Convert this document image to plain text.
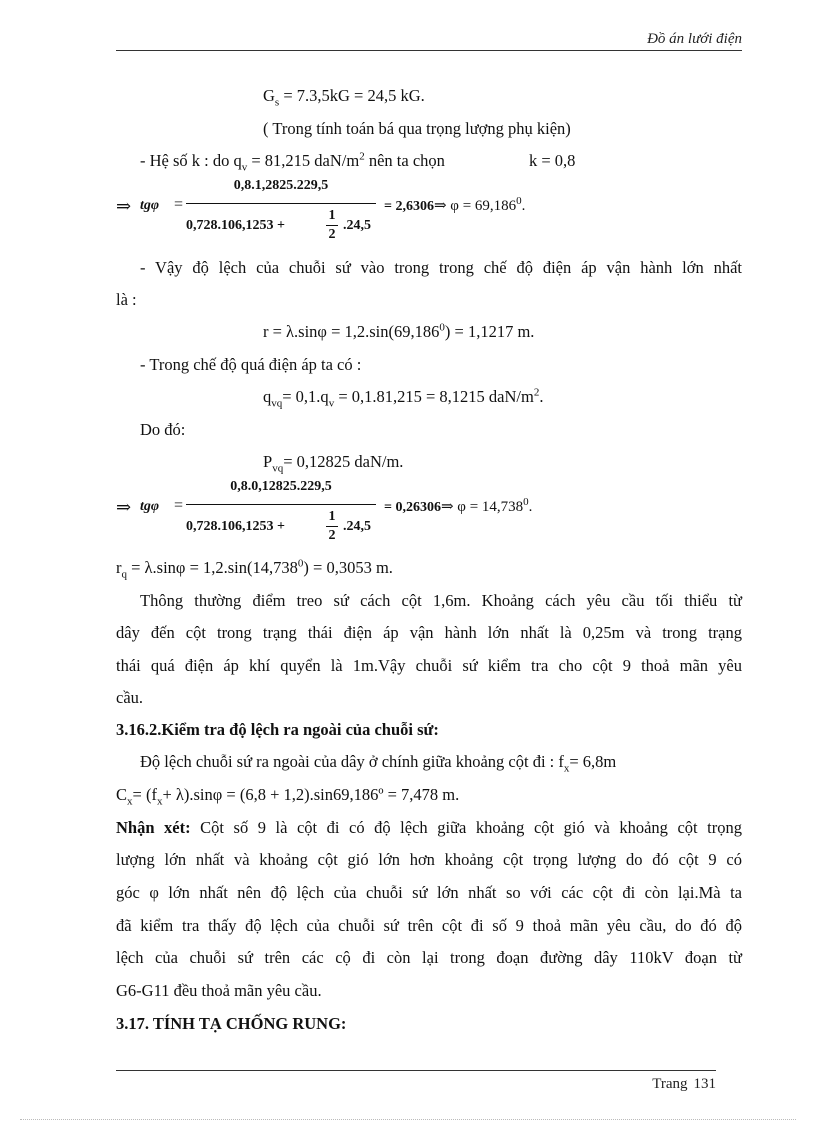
Đồ án lưới điện
$G_s = 7.3,5kG = 24,5$ kG.
( Trong tính toán bá qua trọng lượng phụ kiện)
- Hệ số k : do $q_v = 81,215$ daN/$m^2$ nên ta chọn	k = 0,8
⇒ tgφ =
0,8.1,2825.229,5
0,728.106,1253 +
1
2
.24,5
= 2,6306⇒ $\varphi = 69,186^0$.
- Vậy độ lệch của chuỗi sứ vào trong trong chế độ điện áp vận hành lớn nhất
là :
$r = \lambda.\sin\varphi = 1,2.\sin(69,186^0) = 1,1217$ m.
- Trong chế độ quá điện áp ta có :
$q_{vq}= 0,1.q_v = 0,1.81,215 = 8,1215$ daN/$m^2$.
Do đó:
$P_{vq}= 0,12825$ daN/m.
⇒ tgφ =
0,8.0,12825.229,5
0,728.106,1253 +
1
2
.24,5
= 0,26306⇒ $\varphi = 14,738^0$.
$r_q = \lambda.\sin\varphi = 1,2.\sin(14,738^0) = 0,3053$ m.
Thông thường điểm treo sứ cách cột 1,6m. Khoảng cách yêu cầu tối thiểu từ
dây đến cột trong trạng thái điện áp vận hành lớn nhất là 0,25m và trong trạng
thái quá điện áp khí quyển là 1m.Vậy chuỗi sứ kiểm tra cho cột 9 thoả mãn yêu
cầu.
3.16.2.Kiểm tra độ lệch ra ngoài của chuỗi sứ:
Độ lệch chuỗi sứ ra ngoài của dây ở chính giữa khoảng cột đi : $f_x= 6,8m$
$C_x= (f_x+ \lambda).\sin\varphi = (6,8$ + 1,2).sin69,186º = 7,478 m.
Nhận xét: Cột số 9 là cột đi có độ lệch giữa khoảng cột gió và khoảng cột trọng
lượng lớn nhất và khoảng cột gió lớn hơn khoảng cột trọng lượng do đó cột 9 có
góc φ lớn nhất nên độ lệch của chuỗi sứ lớn nhất so với các cột đi còn lại.Mà ta
đã kiểm tra thấy độ lệch của chuỗi sứ trên cột đi số 9 thoả mãn yêu cầu, do đó độ
lệch của chuỗi sứ trên các cộ đi còn lại trong đoạn đường dây 110kV đoạn từ
G6-G11 đều thoả mãn yêu cầu.
3.17. TÍNH TẠ CHỐNG RUNG:
Trang 131
